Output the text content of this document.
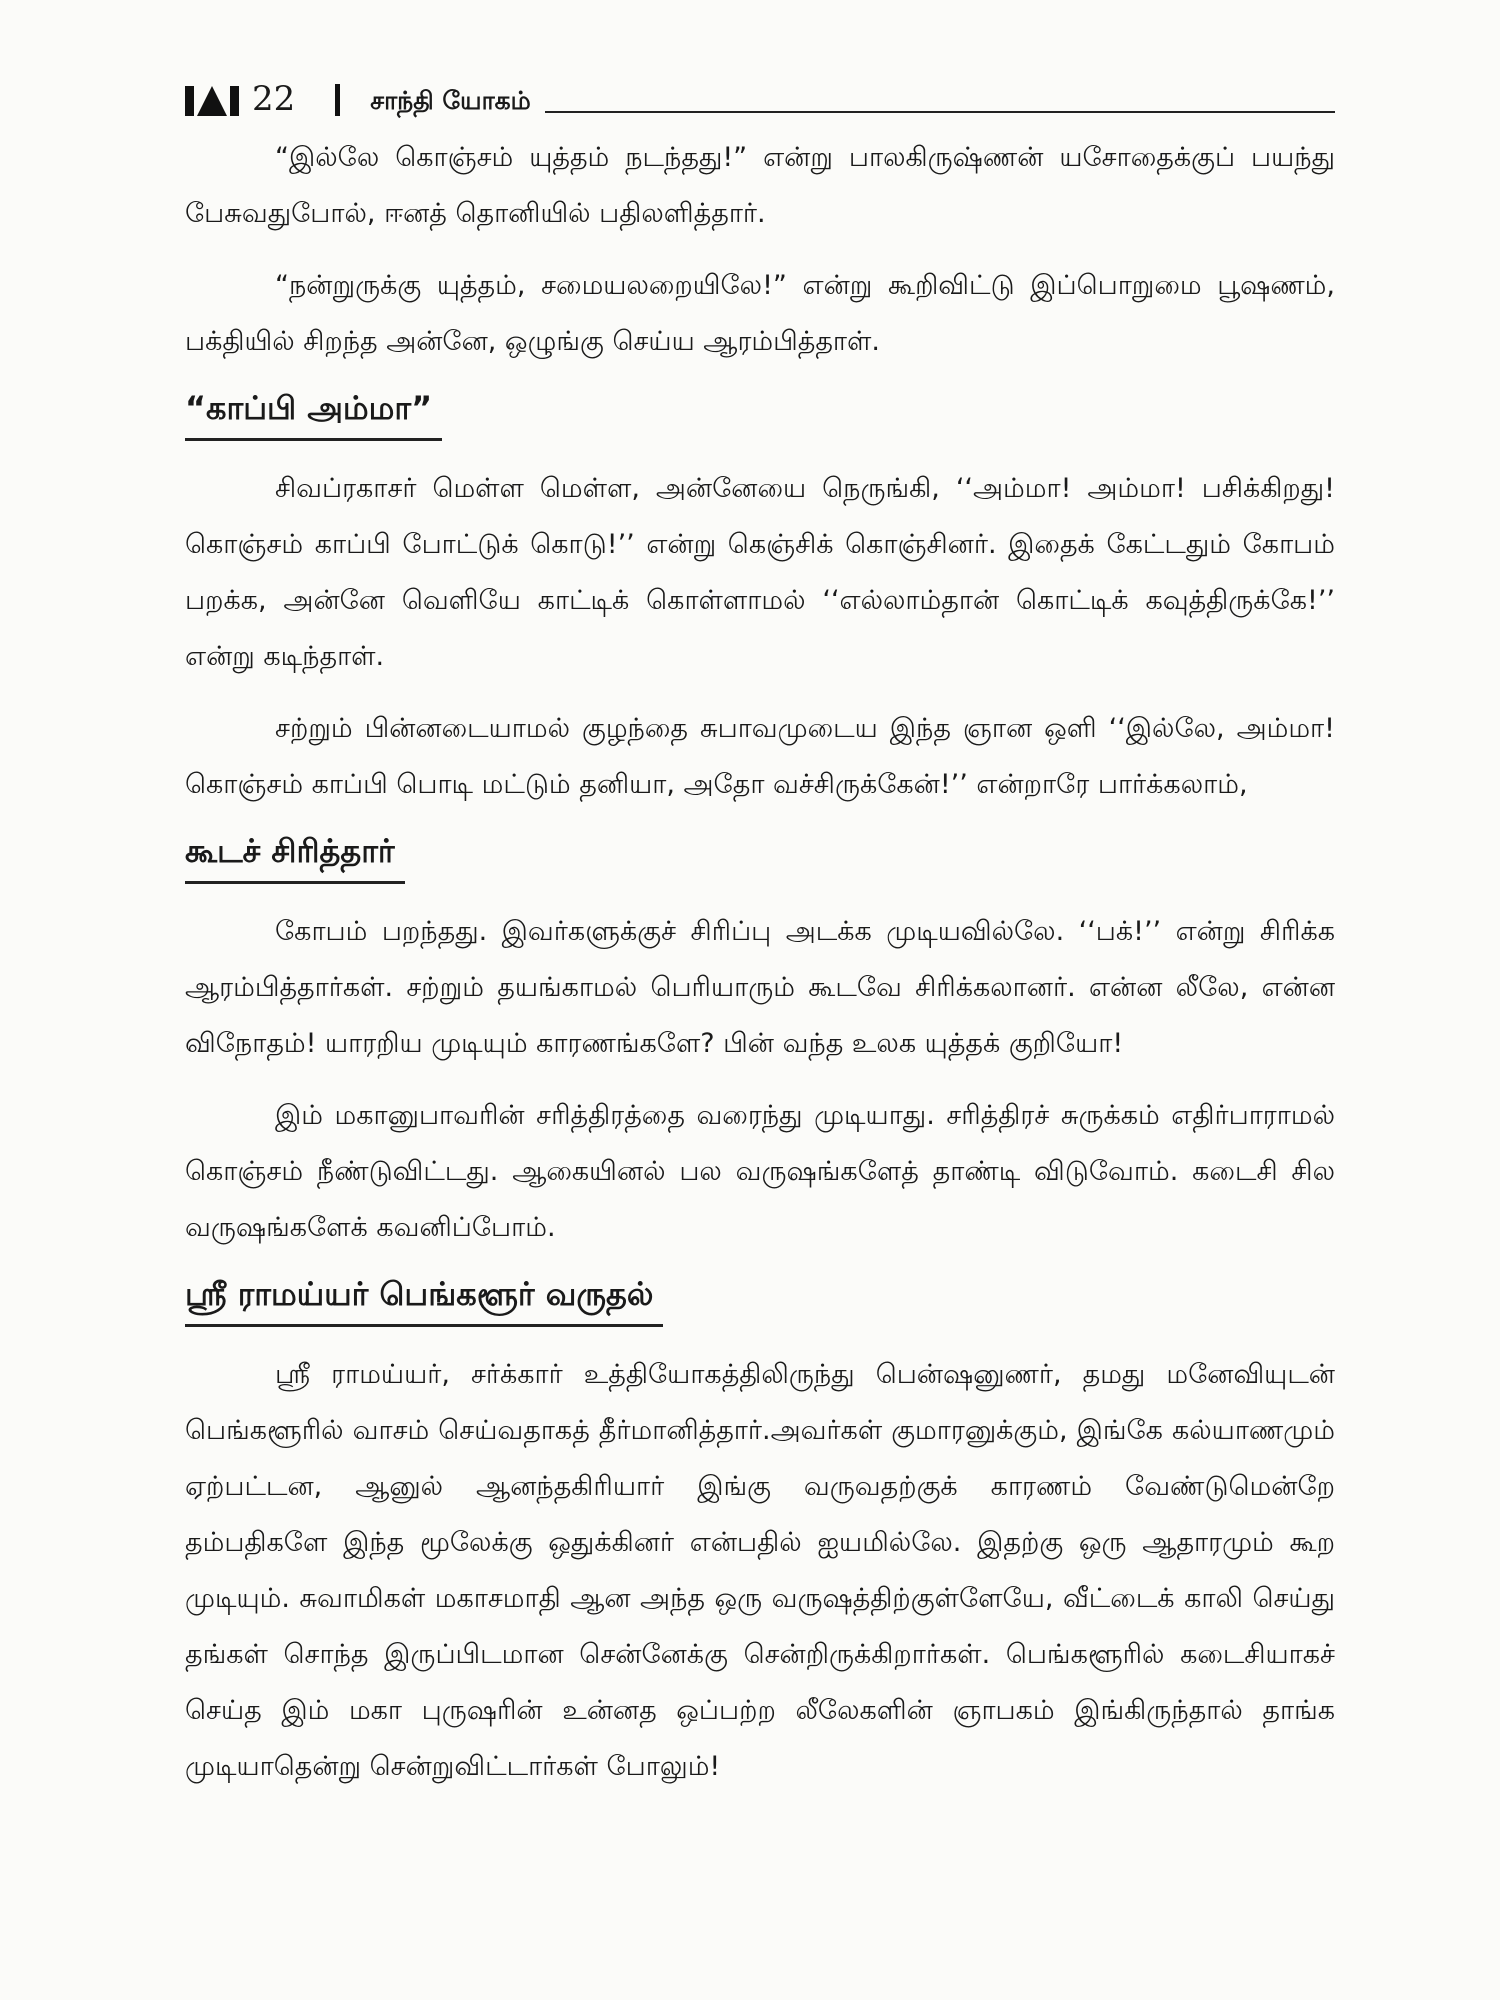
22	சாந்தி யோகம்

“இல்லே கொஞ்சம் யுத்தம் நடந்தது!” என்று பாலகிருஷ்ணன் யசோதைக்குப் பயந்து பேசுவதுபோல், ஈனத் தொனியில் பதிலளித்தார்.

“நன்றுருக்கு யுத்தம், சமையலறையிலே!” என்று கூறிவிட்டு இப்பொறுமை பூஷணம், பக்தியில் சிறந்த அன்னே, ஒழுங்கு செய்ய ஆரம்பித்தாள்.

“காப்பி அம்மா”

சிவப்ரகாசர் மெள்ள மெள்ள, அன்னேயை நெருங்கி, ‘‘அம்மா! அம்மா! பசிக்கிறது! கொஞ்சம் காப்பி போட்டுக் கொடு!’’ என்று கெஞ்சிக் கொஞ்சினர். இதைக் கேட்டதும் கோபம் பறக்க, அன்னே வெளியே காட்டிக் கொள்ளாமல் ‘‘எல்லாம்தான் கொட்டிக் கவுத்திருக்கே!’’ என்று கடிந்தாள்.

சற்றும் பின்னடையாமல் குழந்தை சுபாவமுடைய இந்த ஞான ஒளி ‘‘இல்லே, அம்மா! கொஞ்சம் காப்பி பொடி மட்டும் தனியா, அதோ வச்சிருக்கேன்!’’ என்றாரே பார்க்கலாம்,

கூடச் சிரித்தார்

கோபம் பறந்தது. இவர்களுக்குச் சிரிப்பு அடக்க முடியவில்லே. ‘‘பக்!’’ என்று சிரிக்க ஆரம்பித்தார்கள். சற்றும் தயங்காமல் பெரியாரும் கூடவே சிரிக்கலானர். என்ன லீலே, என்ன விநோதம்! யாரறிய முடியும் காரணங்களே? பின் வந்த உலக யுத்தக் குறியோ!

இம் மகானுபாவரின் சரித்திரத்தை வரைந்து முடியாது. சரித்திரச் சுருக்கம் எதிர்பாராமல் கொஞ்சம் நீண்டுவிட்டது. ஆகையினல் பல வருஷங்களேத் தாண்டி விடுவோம். கடைசி சில வருஷங்களேக் கவனிப்போம்.

ஸ்ரீ ராமய்யர் பெங்களூர் வருதல்

ஸ்ரீ ராமய்யர், சர்க்கார் உத்தியோகத்திலிருந்து பென்ஷனுணர், தமது மனேவியுடன் பெங்களூரில் வாசம் செய்வதாகத் தீர்மானித்தார்.அவர்கள் குமாரனுக்கும், இங்கே கல்யாணமும் ஏற்பட்டன, ஆனுல் ஆனந்தகிரியார் இங்கு வருவதற்குக் காரணம் வேண்டுமென்றே தம்பதிகளே இந்த மூலேக்கு ஒதுக்கினர் என்பதில் ஐயமில்லே. இதற்கு ஒரு ஆதாரமும் கூற முடியும். சுவாமிகள் மகாசமாதி ஆன அந்த ஒரு வருஷத்திற்குள்ளேயே, வீட்டைக் காலி செய்து தங்கள் சொந்த இருப்பிடமான சென்னேக்கு சென்றிருக்கிறார்கள். பெங்களூரில் கடைசியாகச் செய்த இம் மகா புருஷரின் உன்னத ஒப்பற்ற லீலேகளின் ஞாபகம் இங்கிருந்தால் தாங்க முடியாதென்று சென்றுவிட்டார்கள் போலும்!
